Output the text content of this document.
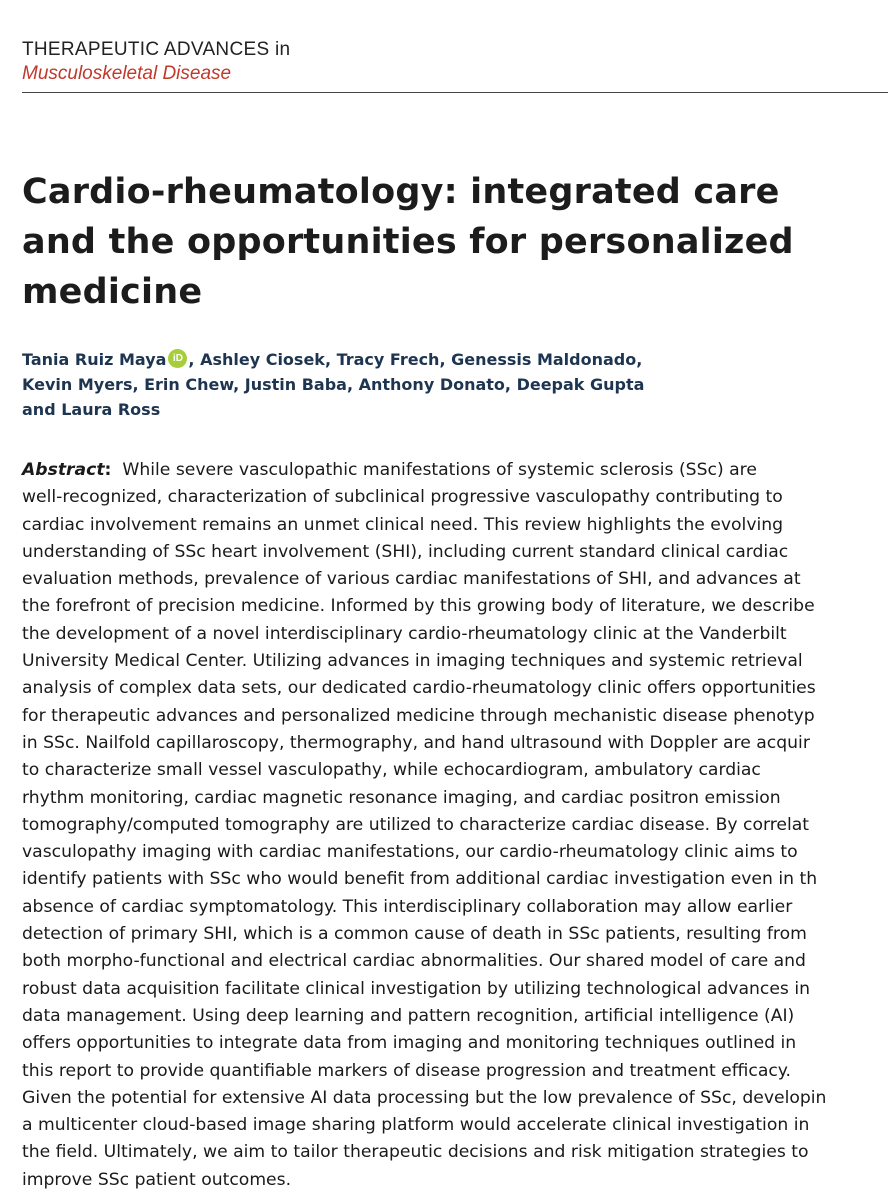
THERAPEUTIC ADVANCES in
Musculoskeletal Disease
Cardio-rheumatology: integrated care
and the opportunities for personalized
medicine
Tania Ruiz Maya iD , Ashley Ciosek, Tracy Frech, Genessis Maldonado,
Kevin Myers, Erin Chew, Justin Baba, Anthony Donato, Deepak Gupta
and Laura Ross
Abstract: While severe vasculopathic manifestations of systemic sclerosis (SSc) are
well-recognized, characterization of subclinical progressive vasculopathy contributing to
cardiac involvement remains an unmet clinical need. This review highlights the evolving
understanding of SSc heart involvement (SHI), including current standard clinical cardiac
evaluation methods, prevalence of various cardiac manifestations of SHI, and advances at
the forefront of precision medicine. Informed by this growing body of literature, we describe
the development of a novel interdisciplinary cardio-rheumatology clinic at the Vanderbilt
University Medical Center. Utilizing advances in imaging techniques and systemic retrieval
analysis of complex data sets, our dedicated cardio-rheumatology clinic offers opportunities
for therapeutic advances and personalized medicine through mechanistic disease phenotyp
in SSc. Nailfold capillaroscopy, thermography, and hand ultrasound with Doppler are acquir
to characterize small vessel vasculopathy, while echocardiogram, ambulatory cardiac
rhythm monitoring, cardiac magnetic resonance imaging, and cardiac positron emission
tomography/computed tomography are utilized to characterize cardiac disease. By correlat
vasculopathy imaging with cardiac manifestations, our cardio-rheumatology clinic aims to
identify patients with SSc who would benefit from additional cardiac investigation even in th
absence of cardiac symptomatology. This interdisciplinary collaboration may allow earlier
detection of primary SHI, which is a common cause of death in SSc patients, resulting from
both morpho-functional and electrical cardiac abnormalities. Our shared model of care and
robust data acquisition facilitate clinical investigation by utilizing technological advances in
data management. Using deep learning and pattern recognition, artificial intelligence (AI)
offers opportunities to integrate data from imaging and monitoring techniques outlined in
this report to provide quantifiable markers of disease progression and treatment efficacy.
Given the potential for extensive AI data processing but the low prevalence of SSc, developin
a multicenter cloud-based image sharing platform would accelerate clinical investigation in
the field. Ultimately, we aim to tailor therapeutic decisions and risk mitigation strategies to
improve SSc patient outcomes.
